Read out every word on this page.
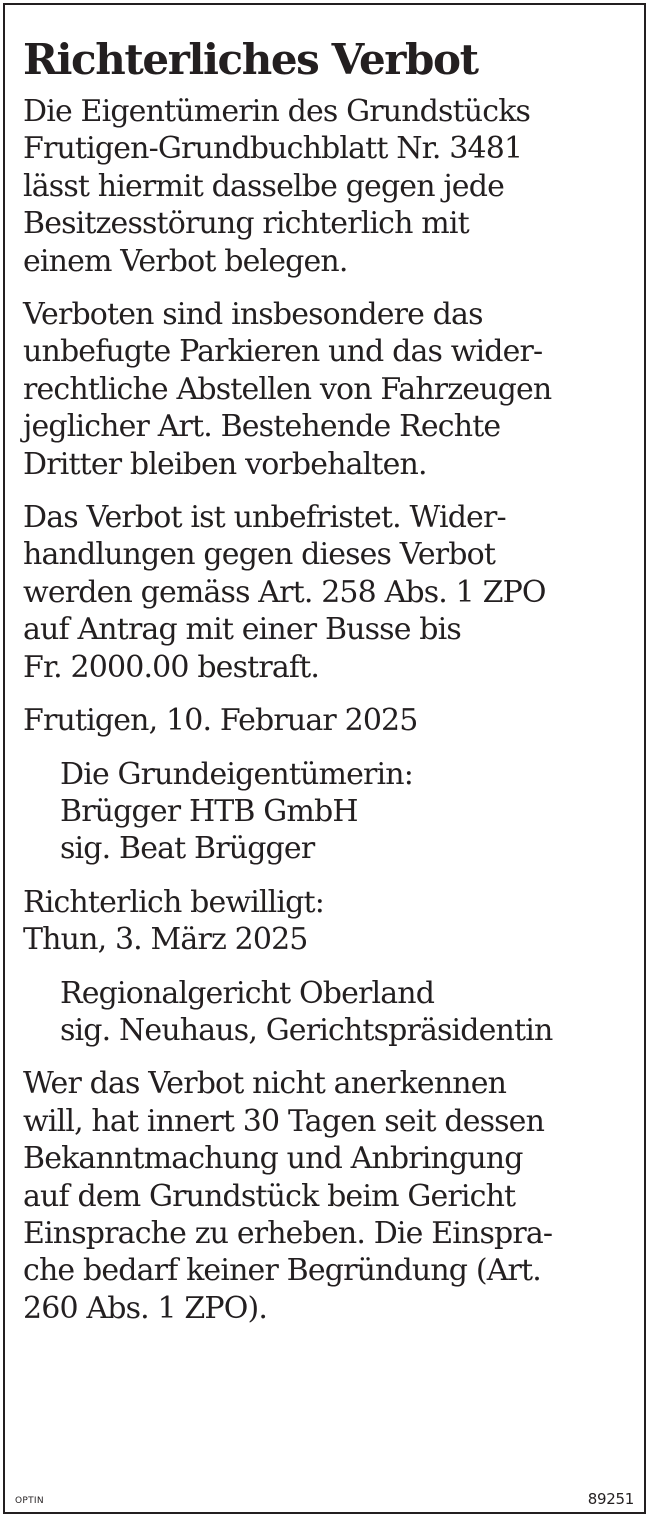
Richterliches Verbot
Die Eigentümerin des Grundstücks
Frutigen-Grundbuchblatt Nr. 3481
lässt hiermit dasselbe gegen jede
Besitzesstörung richterlich mit
einem Verbot belegen.
Verboten sind insbesondere das
unbefugte Parkieren und das wider-
rechtliche Abstellen von Fahrzeugen
jeglicher Art. Bestehende Rechte
Dritter bleiben vorbehalten.
Das Verbot ist unbefristet. Wider-
handlungen gegen dieses Verbot
werden gemäss Art. 258 Abs. 1 ZPO
auf Antrag mit einer Busse bis
Fr. 2000.00 bestraft.
Frutigen, 10. Februar 2025
Die Grundeigentümerin:
Brügger HTB GmbH
sig. Beat Brügger
Richterlich bewilligt:
Thun, 3. März 2025
Regionalgericht Oberland
sig. Neuhaus, Gerichtspräsidentin
Wer das Verbot nicht anerkennen
will, hat innert 30 Tagen seit dessen
Bekanntmachung und Anbringung
auf dem Grundstück beim Gericht
Einsprache zu erheben. Die Einspra-
che bedarf keiner Begründung (Art.
260 Abs. 1 ZPO).
OPTIN	89251
